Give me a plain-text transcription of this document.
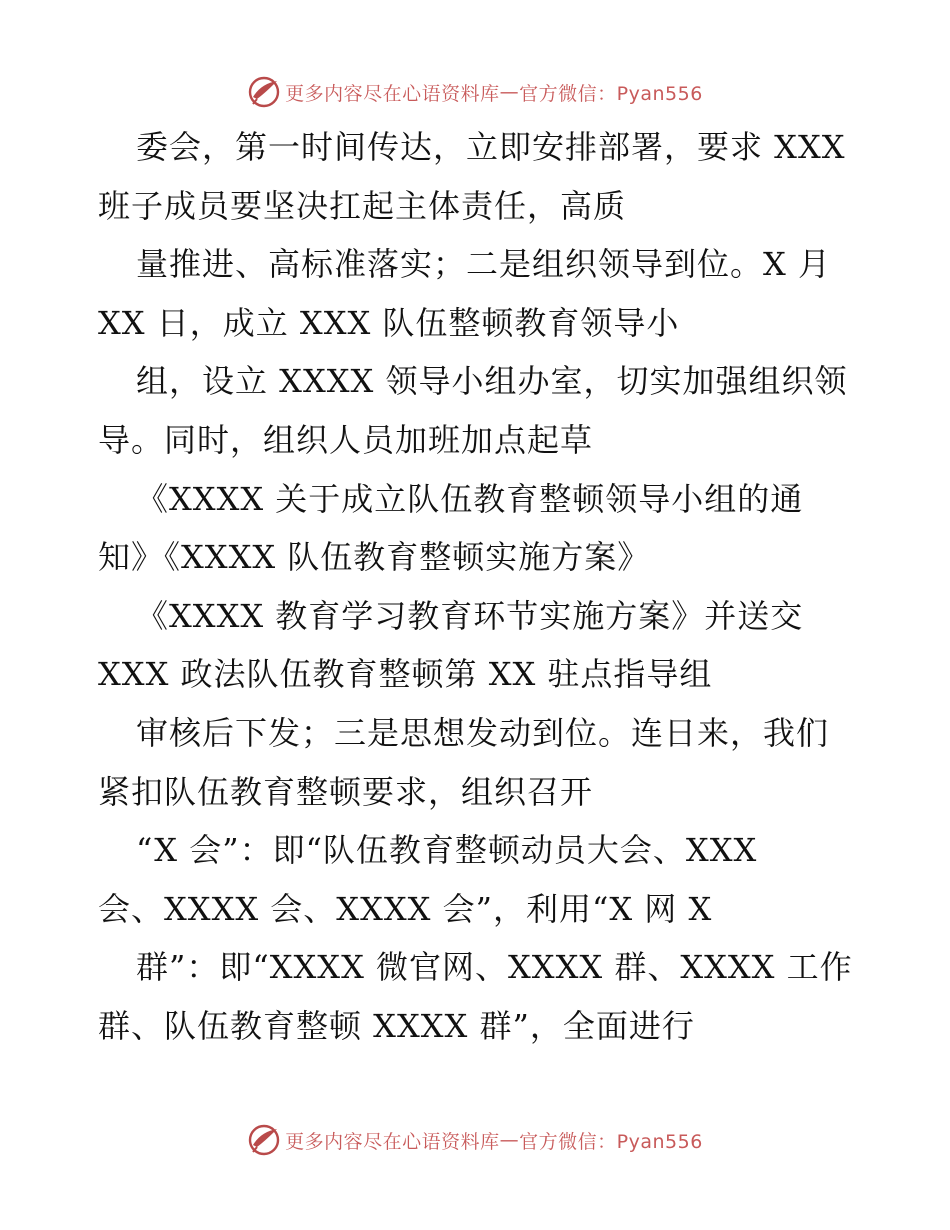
更多内容尽在心语资料库 — 官方微信：Pyan556
委会，第一时间传达，立即安排部署，要求 XXX
班子成员要坚决扛起主体责任，高质
量推进、高标准落实；二是组织领导到位。X 月
XX 日，成立 XXX 队伍整顿教育领导小
组，设立 XXXX 领导小组办室，切实加强组织领
导。同时，组织人员加班加点起草
《XXXX 关于成立队伍教育整顿领导小组的通
知》《XXXX 队伍教育整顿实施方案》
《XXXX 教育学习教育环节实施方案》并送交
XXX 政法队伍教育整顿第 XX 驻点指导组
审核后下发；三是思想发动到位。连日来，我们
紧扣队伍教育整顿要求，组织召开
“X 会”：即“队伍教育整顿动员大会、XXX
会、XXXX 会、XXXX 会”，利用“X 网 X
群”：即“XXXX 微官网、XXXX 群、XXXX 工作
群、队伍教育整顿 XXXX 群”，全面进行
更多内容尽在心语资料库 — 官方微信：Pyan556
